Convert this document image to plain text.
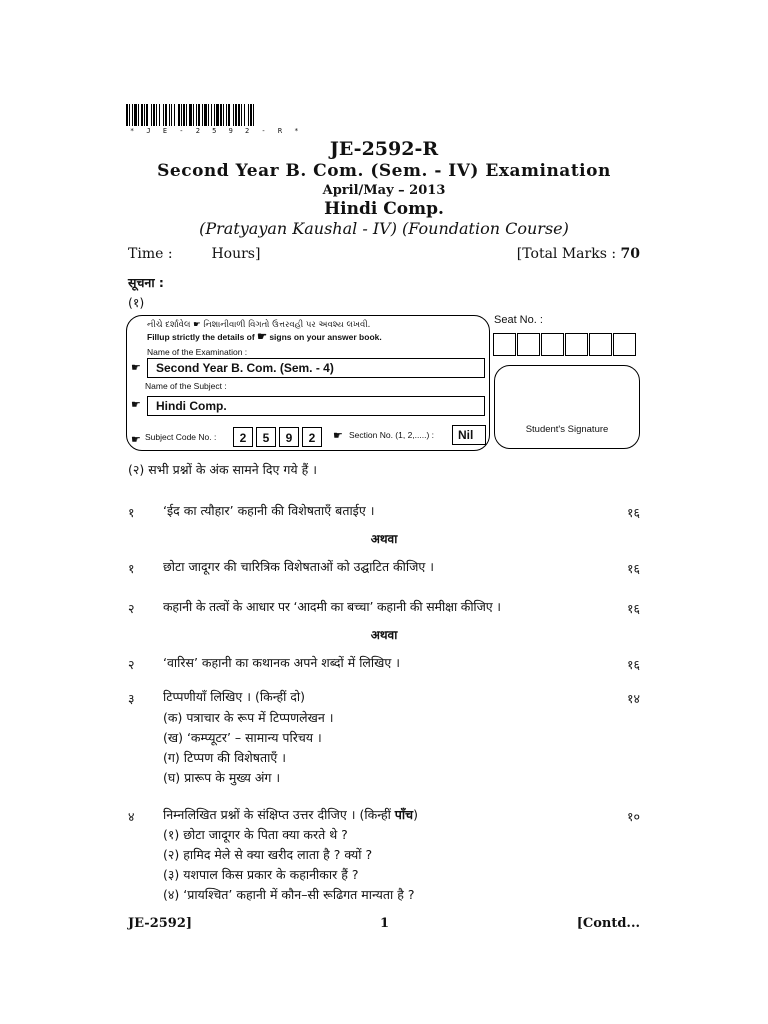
* J E - 2 5 9 2 - R *
JE-2592-R
Second Year B. Com. (Sem. - IV) Examination
April/May – 2013
Hindi Comp.
(Pratyayan Kaushal - IV) (Foundation Course)
Time :	Hours]	[Total Marks : 70
सूचना :
(१)
નીચે દર્શાવેલ ☛ નિશાનીવાળી વિગતો ઉત્તરવહી પર અવશ્ય લખવી.
Fillup strictly the details of ☛ signs on your answer book.
Name of the Examination :
☛	Second Year B. Com. (Sem. - 4)
Name of the Subject :
☛	Hindi Comp.
☛ Subject Code No. :	2	5	9	2	☛ Section No. (1, 2,.....) :	Nil
Seat No. :
Student's Signature
(२) सभी प्रश्नों के अंक सामने दिए गये हैं ।
१ ‘ईद का त्यौहार’ कहानी की विशेषताएँ बताईए ।	१६
अथवा
१ छोटा जादूगर की चारित्रिक विशेषताओं को उद्घाटित कीजिए ।	१६
२ कहानी के तत्वों के आधार पर ‘आदमी का बच्चा’ कहानी की समीक्षा कीजिए ।	१६
अथवा
२ ‘वारिस’ कहानी का कथानक अपने शब्दों में लिखिए ।	१६
३ टिप्पणीयाँ लिखिए । (किन्हीं दो)	१४
(क) पत्राचार के रूप में टिप्पणलेखन ।
(ख) ‘कम्प्यूटर’ – सामान्य परिचय ।
(ग) टिप्पण की विशेषताएँ ।
(घ) प्रारूप के मुख्य अंग ।
४ निम्नलिखित प्रश्नों के संक्षिप्त उत्तर दीजिए । (किन्हीं पाँच)	१०
(१) छोटा जादूगर के पिता क्या करते थे ?
(२) हामिद मेले से क्या खरीद लाता है ? क्यों ?
(३) यशपाल किस प्रकार के कहानीकार हैं ?
(४) ‘प्रायश्चित’ कहानी में कौन–सी रूढिगत मान्यता है ?
JE-2592]	1	[Contd...
